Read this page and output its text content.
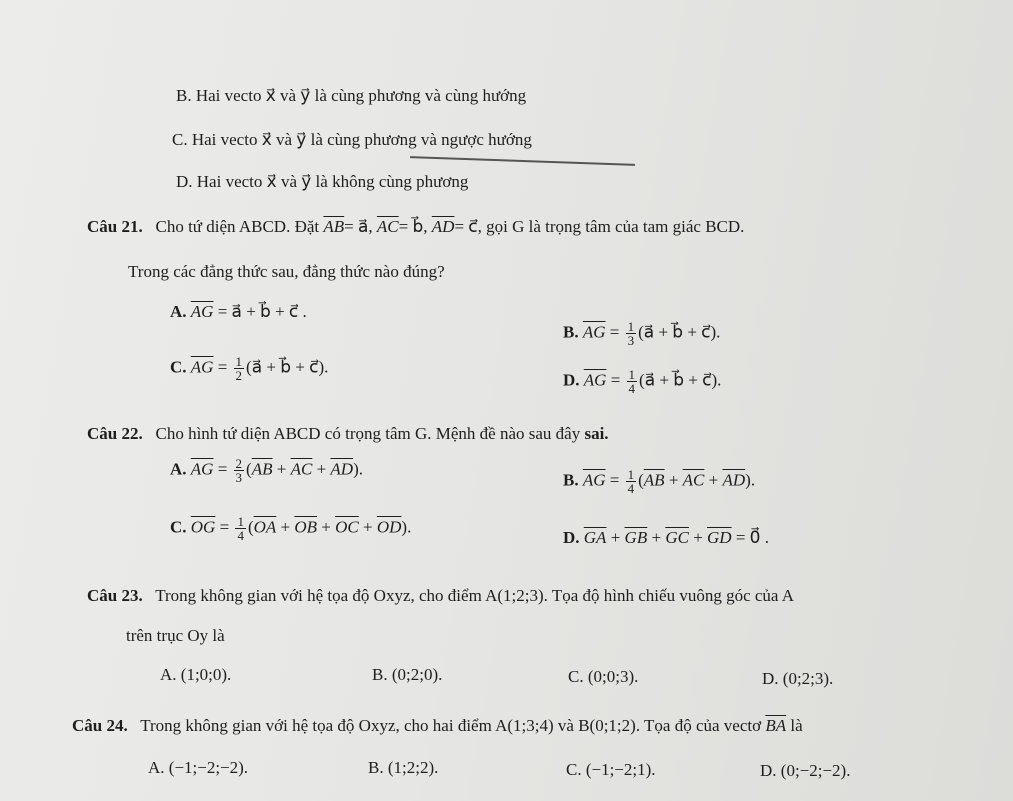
B. Hai vecto x⃗ và y⃗ là cùng phương và cùng hướng
C. Hai vecto x⃗ và y⃗ là cùng phương và ngược hướng
D. Hai vecto x⃗ và y⃗ là không cùng phương
Câu 21. Cho tứ diện ABCD. Đặt $\overline{AB}=$ a⃗, $\overline{AC}=$ b⃗, $\overline{AD}=$ c⃗, gọi G là trọng tâm của tam giác BCD.
Trong các đẳng thức sau, đẳng thức nào đúng?
A. $\overline{AG}$ = a⃗ + b⃗ + c⃗ .
B. $\overline{AG} = \frac{1}{3}$ (a⃗ + b⃗ + c⃗).
C. $\overline{AG} = \frac{1}{2}$ (a⃗ + b⃗ + c⃗).
D. $\overline{AG} = \frac{1}{4}$ (a⃗ + b⃗ + c⃗).
Câu 22. Cho hình tứ diện ABCD có trọng tâm G. Mệnh đề nào sau đây sai.
A. $\overline{AG} = \frac{2}{3} (\overline{AB} + \overline{AC} + \overline{AD})$.
B. $\overline{AG} = \frac{1}{4} (\overline{AB} + \overline{AC} + \overline{AD})$.
C. $\overline{OG} = \frac{1}{4} (\overline{OA} + \overline{OB} + \overline{OC} + \overline{OD})$.
D. $\overline{GA} + \overline{GB} + \overline{GC} + \overline{GD}$ = 0⃗ .
Câu 23. Trong không gian với hệ tọa độ Oxyz, cho điểm A(1;2;3). Tọa độ hình chiếu vuông góc của A
trên trục Oy là
A. (1;0;0).	B. (0;2;0).	C. (0;0;3).	D. (0;2;3).
Câu 24. Trong không gian với hệ tọa độ Oxyz, cho hai điểm A(1;3;4) và B(0;1;2). Tọa độ của vectơ $\overline{BA}$ là
A. (−1;−2;−2).	B. (1;2;2).	C. (−1;−2;1).	D. (0;−2;−2).
